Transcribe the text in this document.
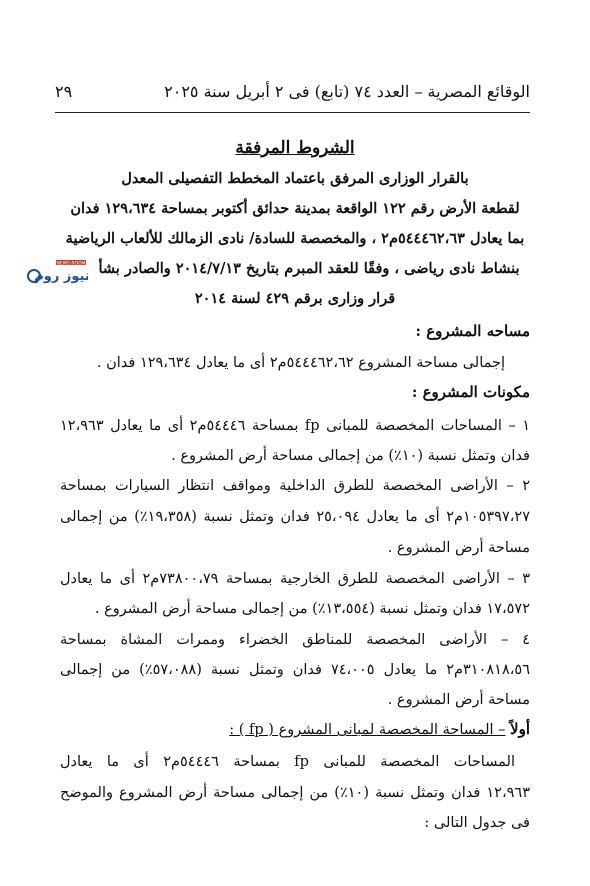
الوقائع المصرية – العدد ٧٤ (تابع) فى ٢ أبريل سنة ٢٠٢٥
٢٩
الشروط المرفقة
بالقرار الوزارى المرفق باعتماد المخطط التفصيلى المعدل
لقطعة الأرض رقم ١٢٢ الواقعة بمدينة حدائق أكتوبر بمساحة ١٢٩،٦٣٤ فدان
بما يعادل ٥٤٤٤٦٢،٦٣م٢ ، والمخصصة للسادة/ نادى الزمالك للألعاب الرياضية
بنشاط نادى رياضى ، وفقًا للعقد المبرم بتاريخ ٢٠١٤/٧/١٣ والصادر بشأ
قرار وزارى برقم ٤٢٩ لسنة ٢٠١٤
NEWS ROOM
نيوز روم
مساحه المشروع :
إجمالى مساحة المشروع ٥٤٤٤٦٢،٦٢م٢ أى ما يعادل ١٢٩،٦٣٤ فدان .
مكونات المشروع :
١ – المساحات المخصصة للمبانى fp بمساحة ٥٤٤٤٦م٢ أى ما يعادل ١٢،٩٦٣
فدان وتمثل نسبة (١٠٪) من إجمالى مساحة أرض المشروع .
٢ – الأراضى المخصصة للطرق الداخلية ومواقف انتظار السيارات بمساحة
١٠٥٣٩٧،٢٧م٢ أى ما يعادل ٢٥،٠٩٤ فدان وتمثل نسبة (١٩،٣٥٨٪) من إجمالى
مساحة أرض المشروع .
٣ – الأراضى المخصصة للطرق الخارجية بمساحة ٧٣٨٠٠،٧٩م٢ أى ما يعادل
١٧،٥٧٢ فدان وتمثل نسبة (١٣،٥٥٤٪) من إجمالى مساحة أرض المشروع .
٤ – الأراضى المخصصة للمناطق الخضراء وممرات المشاة بمساحة
٣١٠٨١٨،٥٦م٢ ما يعادل ٧٤،٠٠٥ فدان وتمثل نسبة (٥٧،٠٨٨٪) من إجمالى
مساحة أرض المشروع .
أولاً – المساحة المخصصة لمبانى المشروع ( fp ) :
المساحات المخصصة للمبانى fp بمساحة ٥٤٤٤٦م٢ أى ما يعادل
١٢،٩٦٣ فدان وتمثل نسبة (١٠٪) من إجمالى مساحة أرض المشروع والموضح
فى جدول التالى :
